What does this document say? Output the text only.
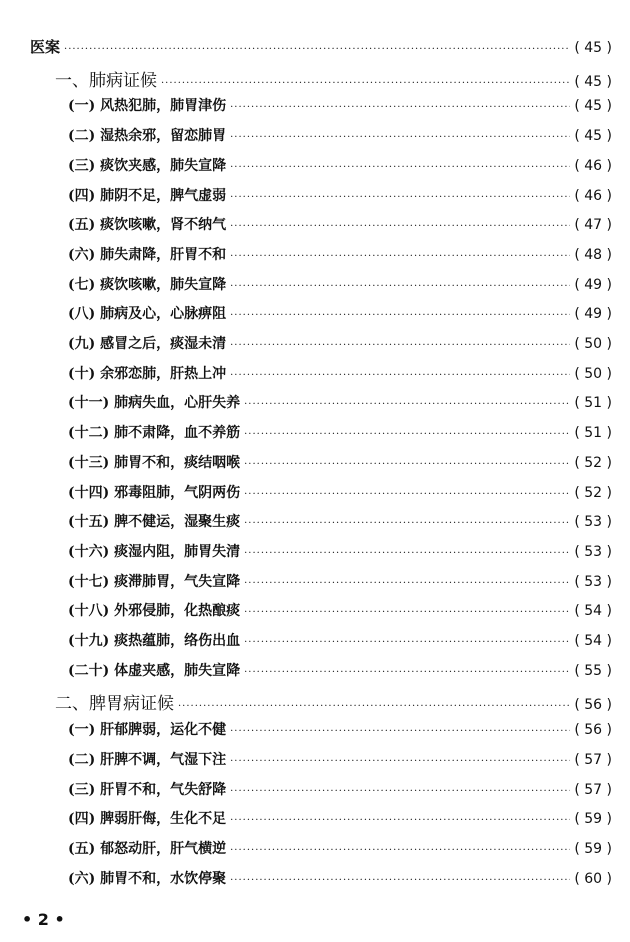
医案 ·····	( 45 )
一、肺病证候 ·····	( 45 )
(一) 风热犯肺，肺胃津伤 ·····	( 45 )
(二) 湿热余邪，留恋肺胃 ·····	( 45 )
(三) 痰饮夹感，肺失宣降 ·····	( 46 )
(四) 肺阴不足，脾气虚弱 ·····	( 46 )
(五) 痰饮咳嗽，肾不纳气 ·····	( 47 )
(六) 肺失肃降，肝胃不和 ·····	( 48 )
(七) 痰饮咳嗽，肺失宣降 ·····	( 49 )
(八) 肺病及心，心脉痹阻 ·····	( 49 )
(九) 感冒之后，痰湿未清 ·····	( 50 )
(十) 余邪恋肺，肝热上冲 ·····	( 50 )
(十一) 肺病失血，心肝失养 ·····	( 51 )
(十二) 肺不肃降，血不养筋 ·····	( 51 )
(十三) 肺胃不和，痰结咽喉 ·····	( 52 )
(十四) 邪毒阻肺，气阴两伤 ·····	( 52 )
(十五) 脾不健运，湿聚生痰 ·····	( 53 )
(十六) 痰湿内阻，肺胃失清 ·····	( 53 )
(十七) 痰滞肺胃，气失宣降 ·····	( 53 )
(十八) 外邪侵肺，化热酿痰 ·····	( 54 )
(十九) 痰热蕴肺，络伤出血 ·····	( 54 )
(二十) 体虚夹感，肺失宣降 ·····	( 55 )
二、脾胃病证候 ·····	( 56 )
(一) 肝郁脾弱，运化不健 ·····	( 56 )
(二) 肝脾不调，气湿下注 ·····	( 57 )
(三) 肝胃不和，气失舒降 ·····	( 57 )
(四) 脾弱肝侮，生化不足 ·····	( 59 )
(五) 郁怒动肝，肝气横逆 ·····	( 59 )
(六) 肺胃不和，水饮停聚 ·····	( 60 )
• 2 •
